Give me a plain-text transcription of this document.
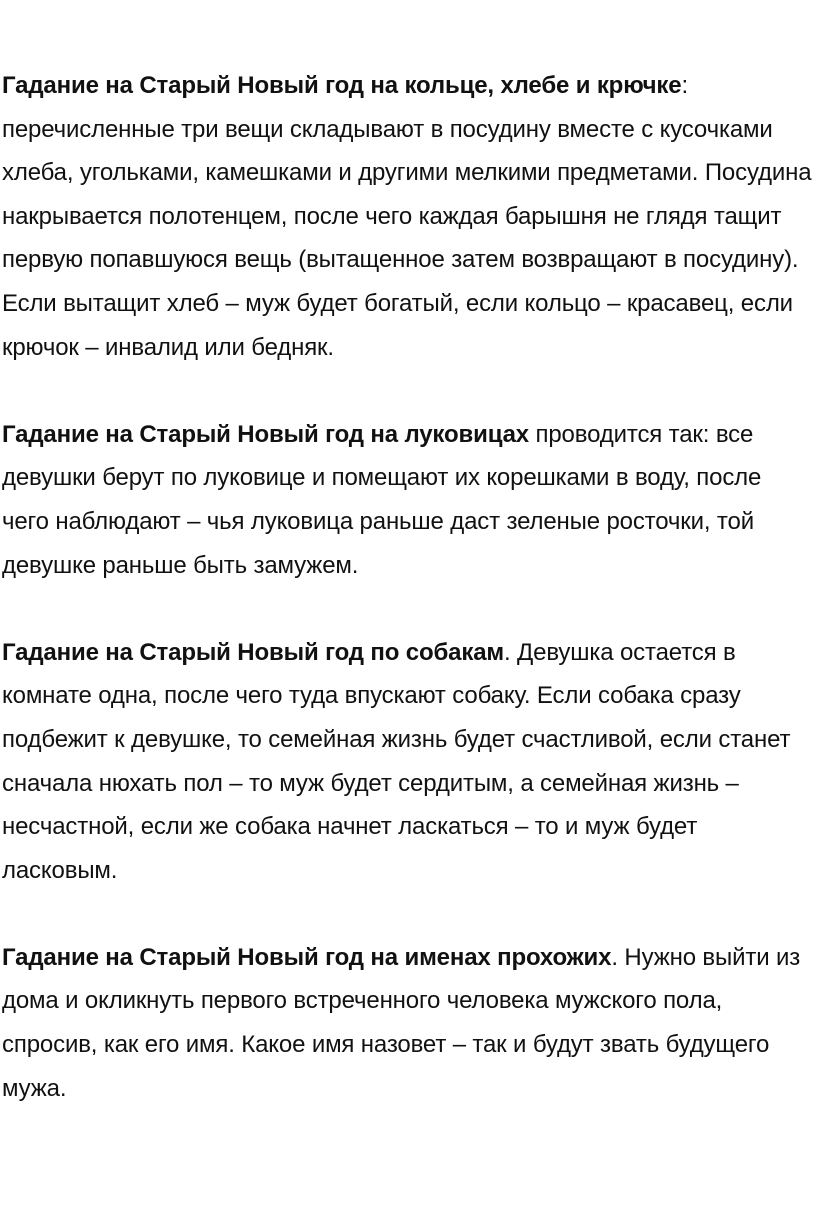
Гадание на Старый Новый год на кольце, хлебе и крючке: перечисленные три вещи складывают в посудину вместе с кусочками хлеба, угольками, камешками и другими мелкими предметами. Посудина накрывается полотенцем, после чего каждая барышня не глядя тащит первую попавшуюся вещь (вытащенное затем возвращают в посудину). Если вытащит хлеб – муж будет богатый, если кольцо – красавец, если крючок – инвалид или бедняк.

Гадание на Старый Новый год на луковицах проводится так: все девушки берут по луковице и помещают их корешками в воду, после чего наблюдают – чья луковица раньше даст зеленые росточки, той девушке раньше быть замужем.

Гадание на Старый Новый год по собакам. Девушка остается в комнате одна, после чего туда впускают собаку. Если собака сразу подбежит к девушке, то семейная жизнь будет счастливой, если станет сначала нюхать пол – то муж будет сердитым, а семейная жизнь – несчастной, если же собака начнет ласкаться – то и муж будет ласковым.

Гадание на Старый Новый год на именах прохожих. Нужно выйти из дома и окликнуть первого встреченного человека мужского пола, спросив, как его имя. Какое имя назовет – так и будут звать будущего мужа.
